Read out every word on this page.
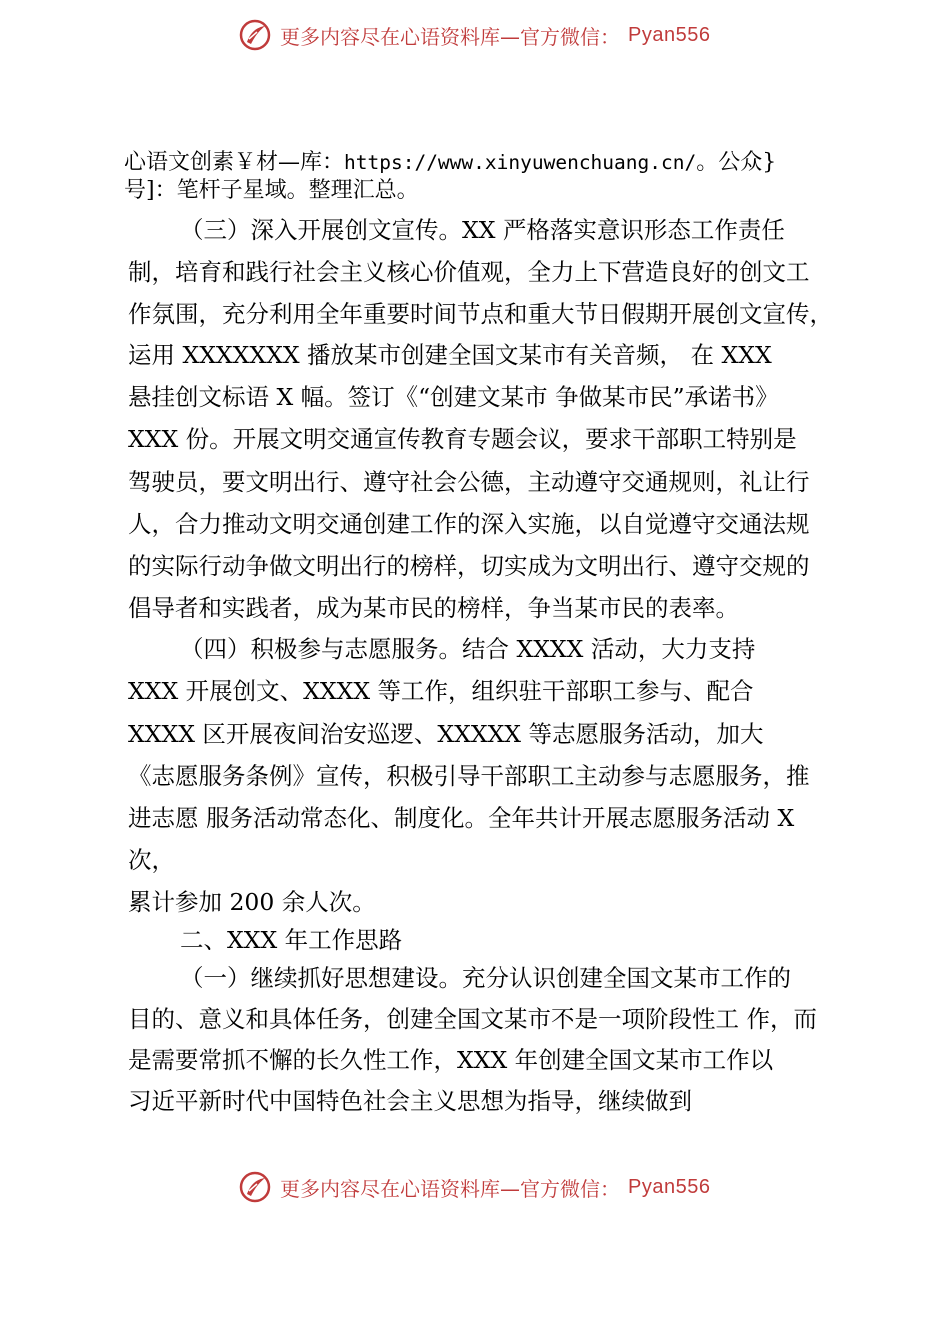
更多内容尽在心语资料库—官方微信： Pyan556
心语文创素￥材—库：https://www.xinyuwenchuang.cn/。公众}
号]：笔杆子星域。整理汇总。
（三）深入开展创文宣传。XX 严格落实意识形态工作责任
制，培育和践行社会主义核心价值观，全力上下营造良好的创文工
作氛围，充分利用全年重要时间节点和重大节日假期开展创文宣传，
运用 XXXXXXX 播放某市创建全国文某市有关音频， 在 XXX
悬挂创文标语 X 幅。签订《“创建文某市 争做某市民”承诺书》
XXX 份。开展文明交通宣传教育专题会议，要求干部职工特别是
驾驶员，要文明出行、遵守社会公德，主动遵守交通规则，礼让行
人，合力推动文明交通创建工作的深入实施，以自觉遵守交通法规
的实际行动争做文明出行的榜样，切实成为文明出行、遵守交规的
倡导者和实践者，成为某市民的榜样，争当某市民的表率。
（四）积极参与志愿服务。结合 XXXX 活动，大力支持
XXX 开展创文、XXXX 等工作，组织驻干部职工参与、配合
XXXX 区开展夜间治安巡逻、XXXXX 等志愿服务活动，加大
《志愿服务条例》宣传，积极引导干部职工主动参与志愿服务，推
进志愿 服务活动常态化、制度化。全年共计开展志愿服务活动 X
次，
累计参加 200 余人次。
二、XXX 年工作思路
（一）继续抓好思想建设。充分认识创建全国文某市工作的
目的、意义和具体任务，创建全国文某市不是一项阶段性工 作，而
是需要常抓不懈的长久性工作，XXX 年创建全国文某市工作以
习近平新时代中国特色社会主义思想为指导，继续做到
更多内容尽在心语资料库—官方微信： Pyan556
